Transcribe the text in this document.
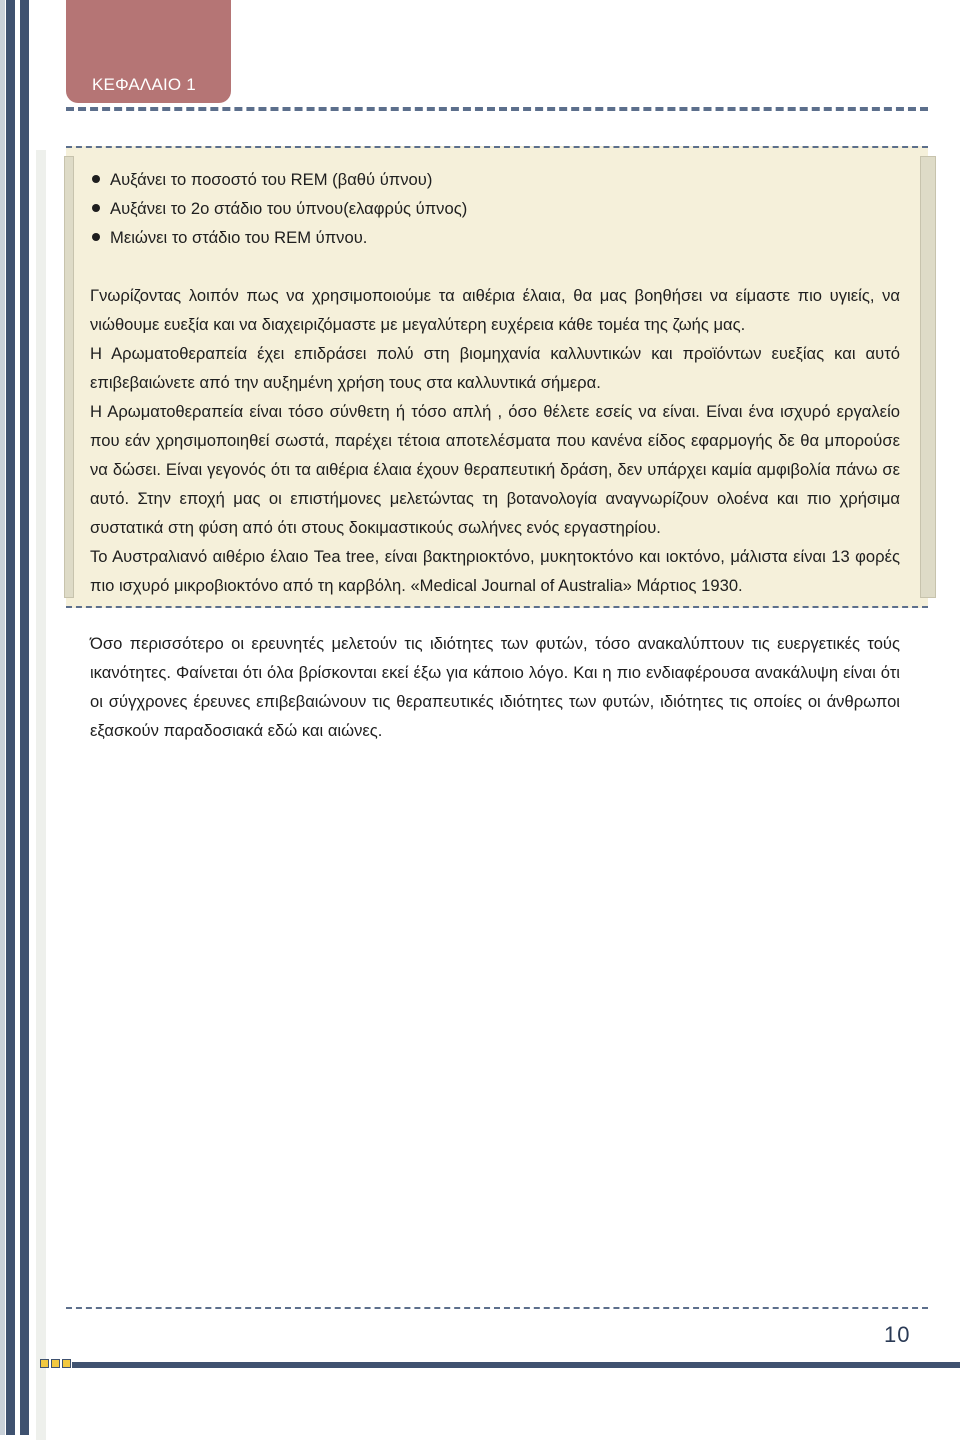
ΚΕΦΑΛΑΙΟ 1
Αυξάνει το ποσοστό του REM (βαθύ ύπνου)
Αυξάνει το 2ο στάδιο του ύπνου(ελαφρύς ύπνος)
Μειώνει το στάδιο του REM ύπνου.

Γνωρίζοντας λοιπόν πως να χρησιμοποιούμε τα αιθέρια έλαια, θα μας βοηθήσει να είμαστε πιο υγιείς, να νιώθουμε ευεξία και να διαχειριζόμαστε με μεγαλύτερη ευχέρεια κάθε τομέα της ζωής μας.

Η Αρωματοθεραπεία έχει επιδράσει πολύ στη βιομηχανία καλλυντικών και προϊόντων ευεξίας και αυτό επιβεβαιώνετε από την αυξημένη χρήση τους στα καλλυντικά σήμερα.

Η Αρωματοθεραπεία είναι τόσο σύνθετη ή τόσο απλή , όσο θέλετε εσείς να είναι. Είναι ένα ισχυρό εργαλείο που εάν χρησιμοποιηθεί σωστά, παρέχει τέτοια αποτελέσματα που κανένα είδος εφαρμογής δε θα μπορούσε να δώσει. Είναι γεγονός ότι τα αιθέρια έλαια έχουν θεραπευτική δράση, δεν υπάρχει καμία αμφιβολία πάνω σε αυτό. Στην εποχή μας οι επιστήμονες μελετώντας τη βοτανολογία αναγνωρίζουν ολοένα και πιο χρήσιμα συστατικά στη φύση από ότι στους δοκιμαστικούς σωλήνες ενός εργαστηρίου.

Το Αυστραλιανό αιθέριο έλαιο Tea tree, είναι βακτηριοκτόνο, μυκητοκτόνο και ιοκτόνο, μάλιστα είναι 13 φορές πιο ισχυρό μικροβιοκτόνο από τη καρβόλη. «Medical Journal of Australia» Μάρτιος 1930.

Όσο περισσότερο οι ερευνητές μελετούν τις ιδιότητες των φυτών, τόσο ανακαλύπτουν τις ευεργετικές τούς ικανότητες. Φαίνεται ότι όλα βρίσκονται εκεί έξω για κάποιο λόγο. Και η πιο ενδιαφέρουσα ανακάλυψη είναι ότι οι σύγχρονες έρευνες επιβεβαιώνουν τις θεραπευτικές ιδιότητες των φυτών, ιδιότητες τις οποίες οι άνθρωποι εξασκούν παραδοσιακά εδώ και αιώνες.

10
